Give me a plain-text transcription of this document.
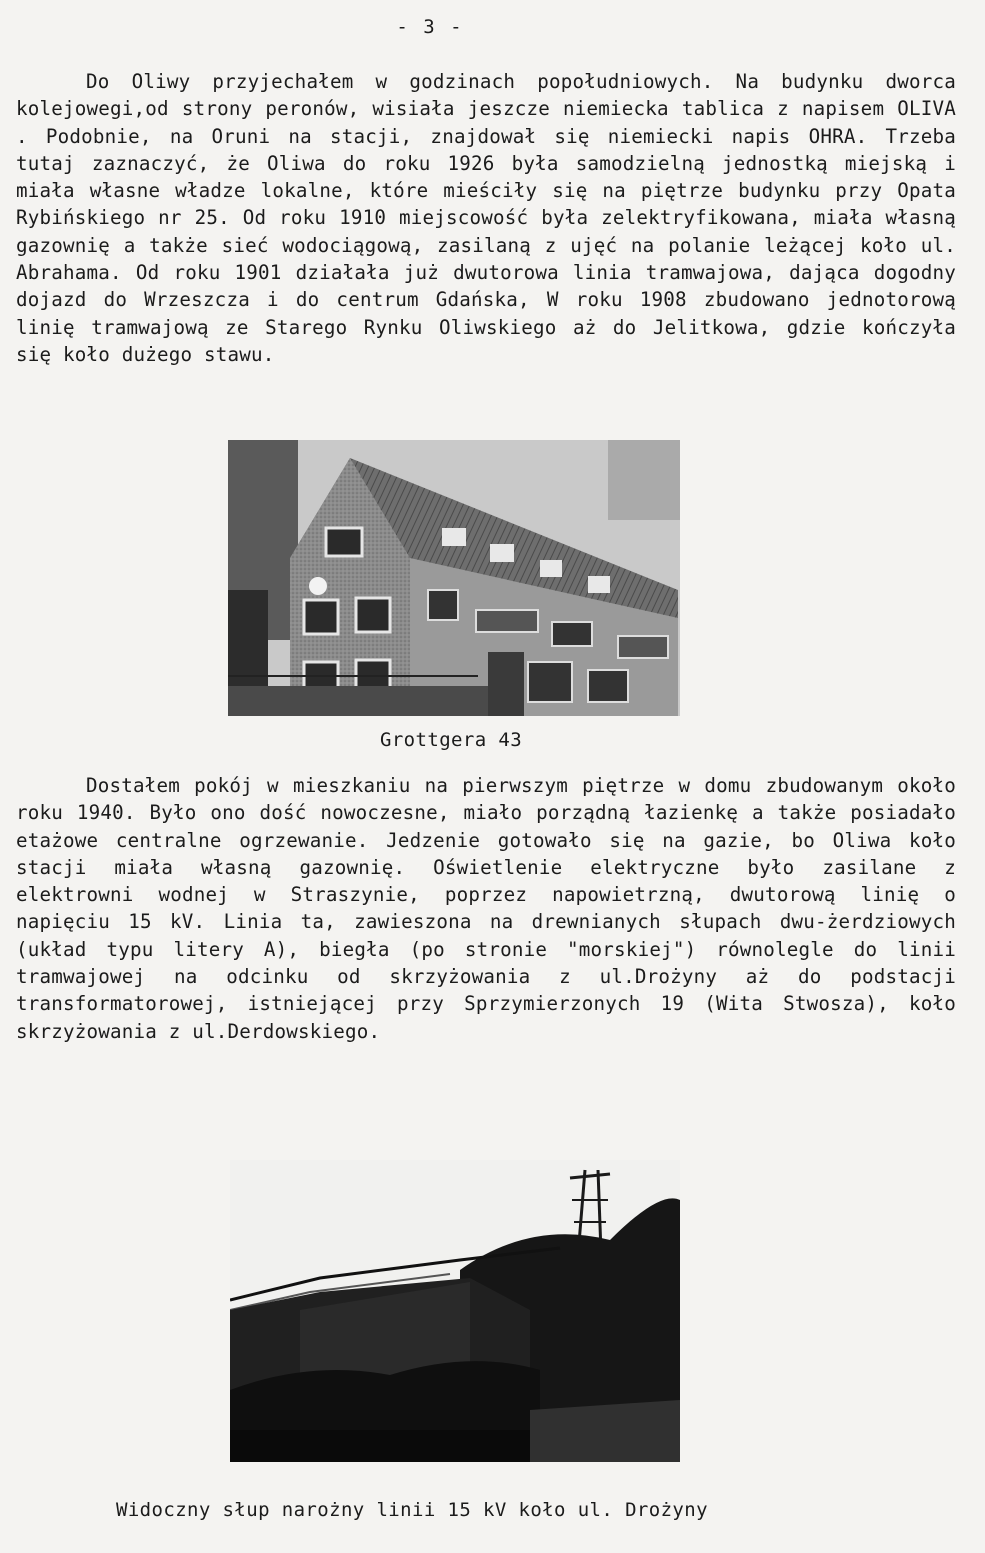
- 3 -

Do Oliwy przyjechałem w godzinach popołudniowych. Na budynku dworca kolejowegi,od strony peronów, wisiała jeszcze niemiecka tablica z napisem OLIVA . Podobnie, na Oruni na stacji, znajdował się niemiecki napis OHRA. Trzeba tutaj zaznaczyć, że Oliwa do roku 1926 była samodzielną jednostką miejską i miała własne władze lokalne, które mieściły się na piętrze budynku przy Opata Rybińskiego nr 25. Od roku 1910 miejscowość była zelektryfikowana, miała własną gazownię a także sieć wodociągową, zasilaną z ujęć na polanie leżącej koło ul. Abrahama. Od roku 1901 działała już dwutorowa linia tramwajowa, dająca dogodny dojazd do Wrzeszcza i do centrum Gdańska, W roku 1908 zbudowano jednotorową linię tramwajową ze Starego Rynku Oliwskiego aż do Jelitkowa, gdzie kończyła się koło dużego stawu.

Grottgera 43

Dostałem pokój w mieszkaniu na pierwszym piętrze w domu zbudowanym około roku 1940. Było ono dość nowoczesne, miało porządną łazienkę a także posiadało etażowe centralne ogrzewanie. Jedzenie gotowało się na gazie, bo Oliwa koło stacji miała własną gazownię. Oświetlenie elektryczne było zasilane z elektrowni wodnej w Straszynie, poprzez napowietrzną, dwutorową linię o napięciu 15 kV. Linia ta, zawieszona na drewnianych słupach dwu-żerdziowych (układ typu litery A), biegła (po stronie "morskiej") równolegle do linii tramwajowej na odcinku od skrzyżowania z ul.Drożyny aż do podstacji transformatorowej, istniejącej przy Sprzymierzonych 19 (Wita Stwosza), koło skrzyżowania z ul.Derdowskiego.

Widoczny słup narożny linii 15 kV koło ul. Drożyny
